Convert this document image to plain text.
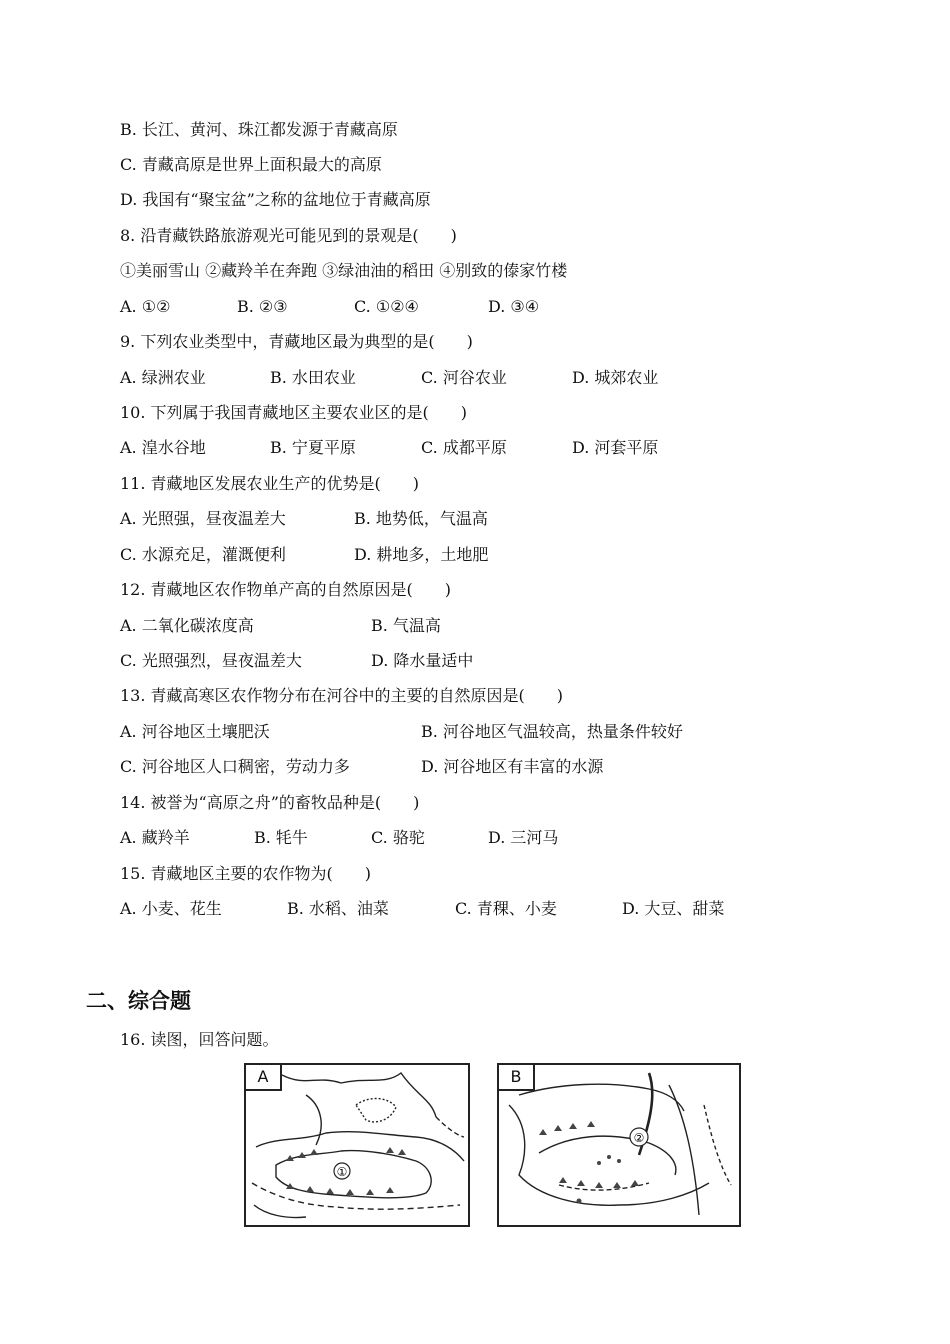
B. 长江、黄河、珠江都发源于青藏高原
C. 青藏高原是世界上面积最大的高原
D. 我国有“聚宝盆”之称的盆地位于青藏高原
8. 沿青藏铁路旅游观光可能见到的景观是(　　)
①美丽雪山 ②藏羚羊在奔跑 ③绿油油的稻田 ④别致的傣家竹楼
A. ①②	B. ②③	C. ①②④	D. ③④
9. 下列农业类型中，青藏地区最为典型的是(　　)
A. 绿洲农业	B. 水田农业	C. 河谷农业	D. 城郊农业
10. 下列属于我国青藏地区主要农业区的是(　　)
A. 湟水谷地	B. 宁夏平原	C. 成都平原	D. 河套平原
11. 青藏地区发展农业生产的优势是(　　)
A. 光照强，昼夜温差大	B. 地势低，气温高
C. 水源充足，灌溉便利	D. 耕地多，土地肥
12. 青藏地区农作物单产高的自然原因是(　　)
A. 二氧化碳浓度高	B. 气温高
C. 光照强烈，昼夜温差大	D. 降水量适中
13. 青藏高寒区农作物分布在河谷中的主要的自然原因是(　　)
A. 河谷地区土壤肥沃	B. 河谷地区气温较高，热量条件较好
C. 河谷地区人口稠密，劳动力多	D. 河谷地区有丰富的水源
14. 被誉为“高原之舟”的畜牧品种是(　　)
A. 藏羚羊	B. 牦牛	C. 骆驼	D. 三河马
15. 青藏地区主要的农作物为(　　)
A. 小麦、花生	B. 水稻、油菜	C. 青稞、小麦	D. 大豆、甜菜
二、综合题
16. 读图，回答问题。
①
A
②
B
